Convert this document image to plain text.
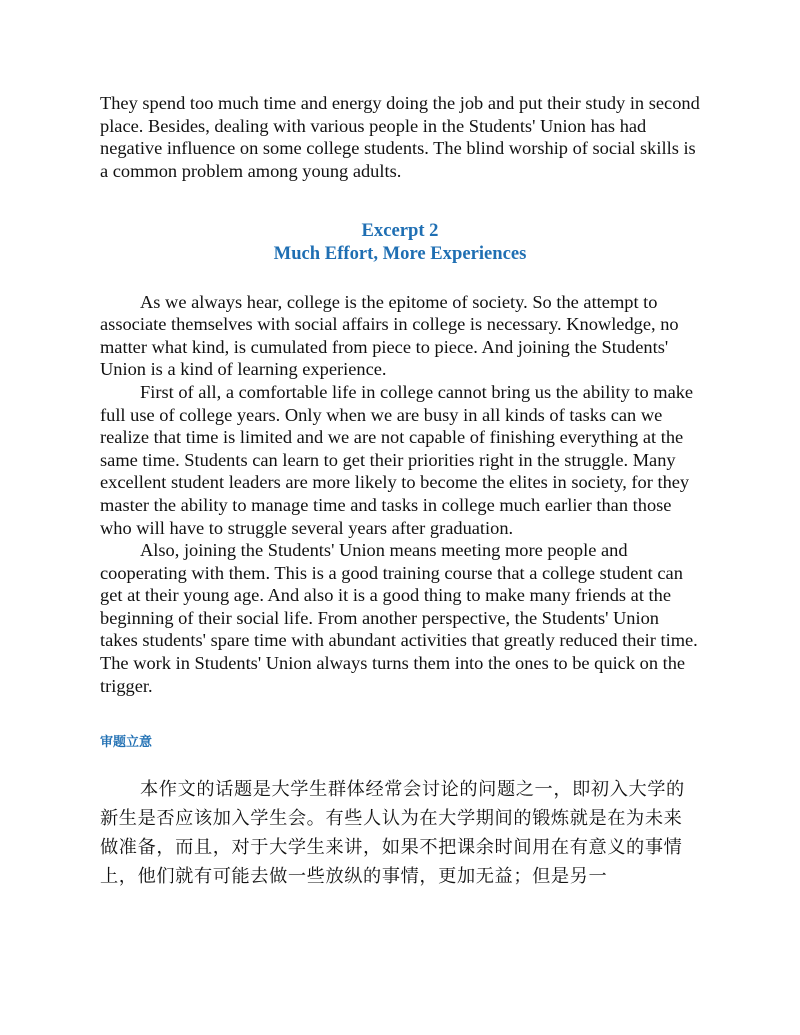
They spend too much time and energy doing the job and put their study in second place. Besides, dealing with various people in the Students' Union has had negative influence on some college students. The blind worship of social skills is a common problem among young adults.

Excerpt 2
Much Effort, More Experiences

As we always hear, college is the epitome of society. So the attempt to associate themselves with social affairs in college is necessary. Knowledge, no matter what kind, is cumulated from piece to piece. And joining the Students' Union is a kind of learning experience.

First of all, a comfortable life in college cannot bring us the ability to make full use of college years. Only when we are busy in all kinds of tasks can we realize that time is limited and we are not capable of finishing everything at the same time. Students can learn to get their priorities right in the struggle. Many excellent student leaders are more likely to become the elites in society, for they master the ability to manage time and tasks in college much earlier than those who will have to struggle several years after graduation.

Also, joining the Students' Union means meeting more people and cooperating with them. This is a good training course that a college student can get at their young age. And also it is a good thing to make many friends at the beginning of their social life. From another perspective, the Students' Union takes students' spare time with abundant activities that greatly reduced their time. The work in Students' Union always turns them into the ones to be quick on the trigger.

审题立意

本作文的话题是大学生群体经常会讨论的问题之一，即初入大学的新生是否应该加入学生会。有些人认为在大学期间的锻炼就是在为未来做准备，而且，对于大学生来讲，如果不把课余时间用在有意义的事情上，他们就有可能去做一些放纵的事情，更加无益；但是另一
